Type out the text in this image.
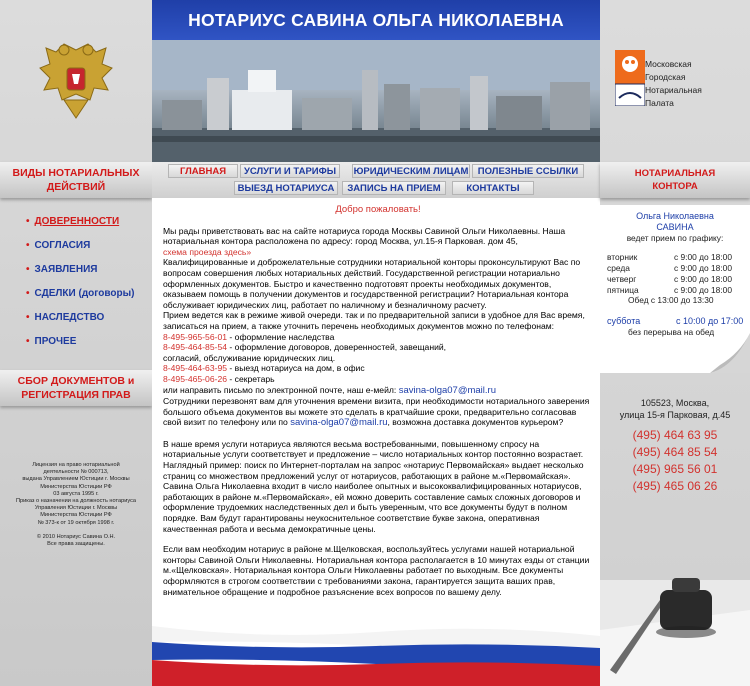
ВИДЫ НОТАРИАЛЬНЫХ
ДЕЙСТВИЙ
• ДОВЕРЕННОСТИ
• СОГЛАСИЯ
• ЗАЯВЛЕНИЯ
• СДЕЛКИ (договоры)
• НАСЛЕДСТВО
• ПРОЧЕЕ
СБОР ДОКУМЕНТОВ и
РЕГИСТРАЦИЯ ПРАВ
Лицензия на право нотариальной
деятельности № 000713,
выдана Управлением Юстиции г. Москвы
Министерства Юстиции РФ
03 августа 1995 г.
Приказ о назначении на должность нотариуса
Управления Юстиции г. Москвы
Министерства Юстиции РФ
№ 373-к от 19 октября 1998 г.
© 2010 Нотариус Савина О.Н.
Все права защищены.
НОТАРИУС САВИНА ОЛЬГА НИКОЛАЕВНА
ГЛАВНАЯ	УСЛУГИ И ТАРИФЫ	ЮРИДИЧЕСКИМ ЛИЦАМ ПОЛЕЗНЫЕ ССЫЛКИ
ВЫЕЗД НОТАРИУСА	ЗАПИСЬ НА ПРИЕМ	КОНТАКТЫ

Добро пожаловать!

Мы рады приветствовать вас на сайте нотариуса города Москвы Савиной Ольги Николаевны. Наша нотариальная контора расположена по адресу: город Москва, ул.15-я Парковая. дом 45,

схема проезда здесь»

Квалифицированные и доброжелательные сотрудники нотариальной конторы проконсультируют Вас по вопросам совершения любых нотариальных действий. Государственной регистрации нотариально оформленных документов. Быстро и качественно подготовят проекты необходимых документов, оказываем помощь в получении документов и государственной регистрации? Нотариальная контора обслуживает юридических лиц, работает по наличному и безналичному расчету.

Прием ведется как в режиме живой очереди. так и по предварительной записи в удобное для Вас время, записаться на прием, а также уточнить перечень необходимых документов можно по телефонам:

8-495-965-56-01 - оформление наследства

8-495-464-85-54 - оформление договоров, доверенностей, завещаний,

согласий, обслуживание юридических лиц.

8-495-464-63-95 - выезд нотариуса на дом, в офис

8-495-465-06-26 - секретарь

или направить письмо по электронной почте, наш е-мейл: savina-olga07@mail.ru

Сотрудники перезвонят вам для уточнения времени визита, при необходимости нотариального заверения большого объема документов вы можете это сделать в кратчайшие сроки, предварительно согласовав свой визит по телефону или по savina-olga07@mail.ru, возможна доставка документов курьером?

В наше время услуги нотариуса являются весьма востребованными, повышенному спросу на нотариальные услуги соответствует и предложение – число нотариальных контор постоянно возрастает. Наглядный пример: поиск по Интернет-порталам на запрос «нотариус Первомайская» выдает несколько страниц со множеством предложений услуг от нотариусов, работающих в районе м.«Первомайская». Савина Ольга Николаевна входит в число наиболее опытных и высококвалифицированных нотариусов, работающих в районе м.«Первомайская», ей можно доверить составление самых сложных договоров и оформление трудоемких наследственных дел и быть уверенным, что все документы будут в полном порядке. Вам будут гарантированы неукоснительное соответствие букве закона, оперативная качественная работа и весьма демократичные цены.

Если вам необходим нотариус в районе м.Щелковская, воспользуйтесь услугами нашей нотариальной конторы Савиной Ольги Николаевны. Нотариальная контора располагается в 10 минутах езды от станции м.«Щелковская». Нотариальная контора Ольги Николаевны работает по выходным. Все документы оформляются в строгом соответствии с требованиями закона, гарантируется защита ваших прав, внимательное обращение и подробное разъяснение всех вопросов по вашему делу.

Московская
Городская
Нотариальная
Палата
НОТАРИАЛЬНАЯ
КОНТОРА
Ольга Николаевна
САВИНА
ведет прием по графику:
вторник	с 9:00 до 18:00
среда	с 9:00 до 18:00
четверг	с 9:00 до 18:00
пятница	с 9:00 до 18:00
Обед с 13:00 до 13:30
суббота	с 10:00 до 17:00
без перерыва на обед
105523, Москва,
улица 15-я Парковая, д.45
(495) 464 63 95
(495) 464 85 54
(495) 965 56 01
(495) 465 06 26
